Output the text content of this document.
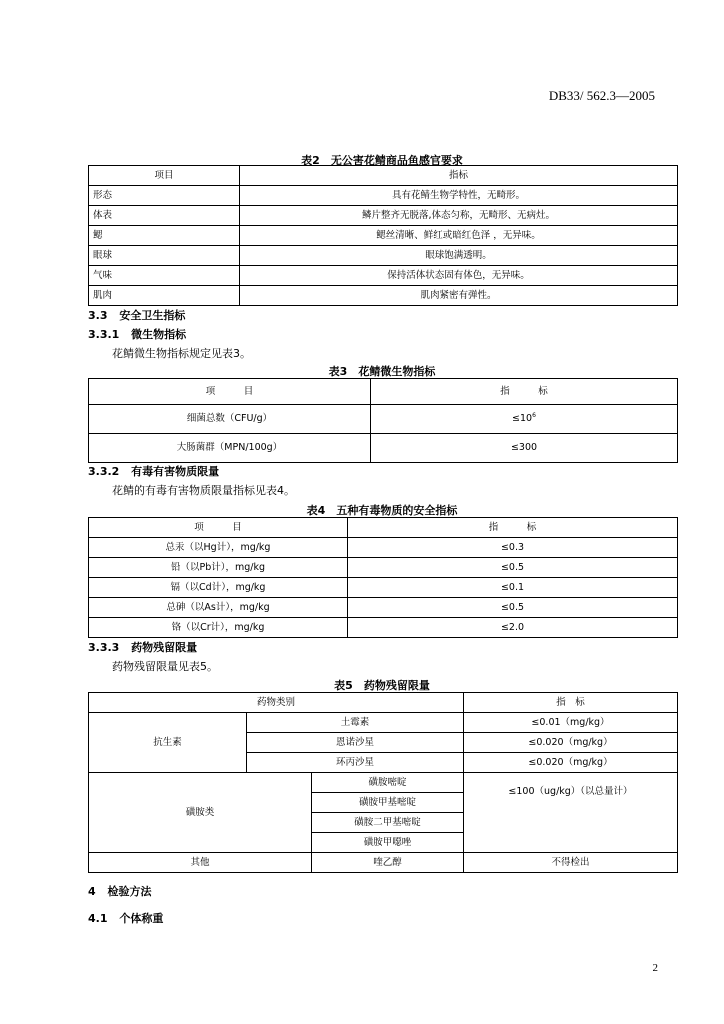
DB33/ 562.3—2005
表2　无公害花鲭商品鱼感官要求
项目	指标
形态	具有花鲭生物学特性，无畸形。
体表	鳞片整齐无脱落,体态匀称，无畸形、无病灶。
鳃	鳃丝清晰、鲜红或暗红色泽 ，无异味。
眼球	眼球饱满透明。
气味	保持活体状态固有体色，无异味。
肌肉	肌肉紧密有弹性。
3.3 安全卫生指标
3.3.1 微生物指标
花鲭微生物指标规定见表3。
表3　花鲭微生物指标
项　　　目	指　　　标
细菌总数（CFU/g）	$\le 10^6$
大肠菌群（MPN/100g）	≤300
3.3.2 有毒有害物质限量
花鲭的有毒有害物质限量指标见表4。
表4　五种有毒物质的安全指标
项　　　目	指　　　标
总汞（以Hg计），mg/kg	≤0.3
铅（以Pb计），mg/kg	≤0.5
镉（以Cd计），mg/kg	≤0.1
总砷（以As计），mg/kg	≤0.5
铬（以Cr计），mg/kg	≤2.0
3.3.3 药物残留限量
药物残留限量见表5。
表5　药物残留限量
药物类别			指　标
抗生素	土霉素		≤0.01（mg/kg）
	恩诺沙星		≤0.020（mg/kg）
	环丙沙星		≤0.020（mg/kg）
磺胺类		磺胺嘧啶	≤100（ug/kg）（以总量计）
		磺胺甲基嘧啶	
		磺胺二甲基嘧啶	
		磺胺甲噁唑	
其他		喹乙醇	不得检出
4 检验方法
4.1 个体称重
2
